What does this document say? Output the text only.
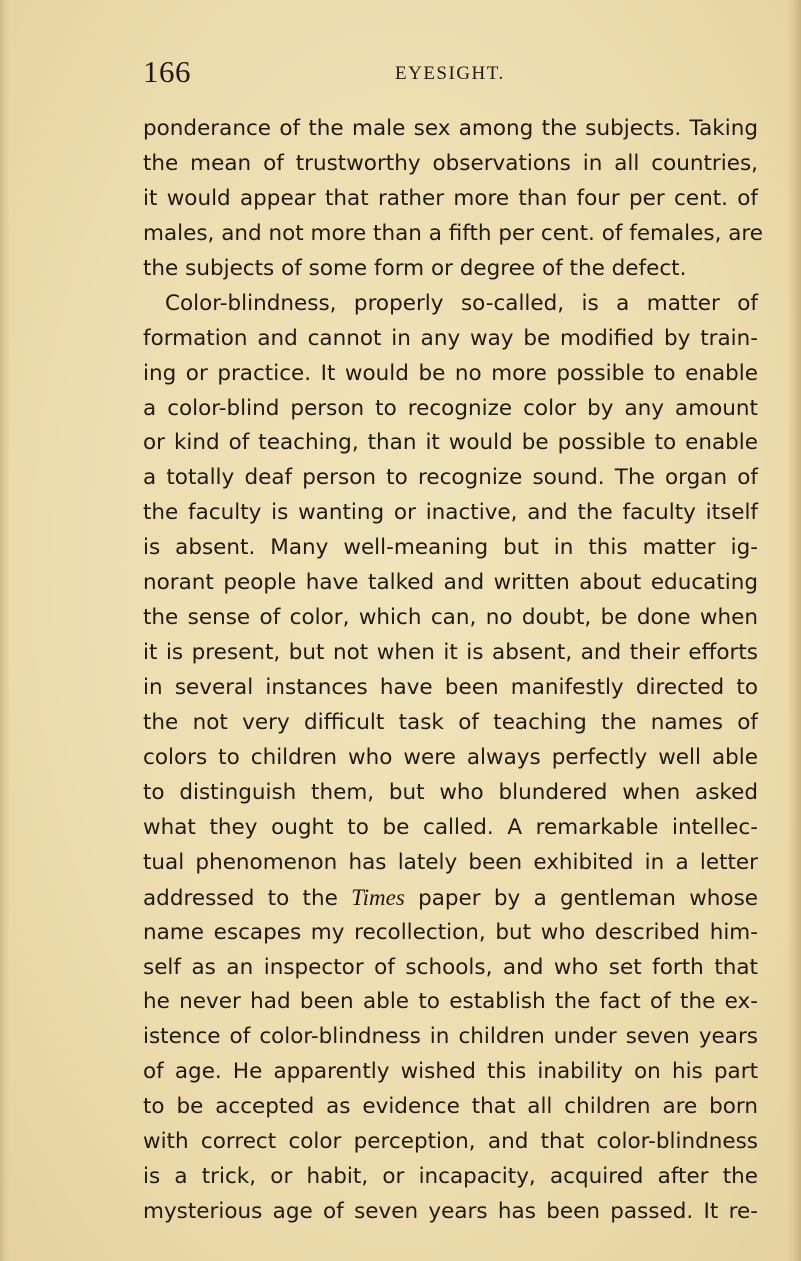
166	EYESIGHT.
ponderance of the male sex among the subjects. Taking
the mean of trustworthy observations in all countries,
it would appear that rather more than four per cent. of
males, and not more than a fifth per cent. of females, are
the subjects of some form or degree of the defect.
Color-blindness, properly so-called, is a matter of
formation and cannot in any way be modified by train-
ing or practice. It would be no more possible to enable
a color-blind person to recognize color by any amount
or kind of teaching, than it would be possible to enable
a totally deaf person to recognize sound. The organ of
the faculty is wanting or inactive, and the faculty itself
is absent. Many well-meaning but in this matter ig-
norant people have talked and written about educating
the sense of color, which can, no doubt, be done when
it is present, but not when it is absent, and their efforts
in several instances have been manifestly directed to
the not very difficult task of teaching the names of
colors to children who were always perfectly well able
to distinguish them, but who blundered when asked
what they ought to be called. A remarkable intellec-
tual phenomenon has lately been exhibited in a letter
addressed to the Times paper by a gentleman whose
name escapes my recollection, but who described him-
self as an inspector of schools, and who set forth that
he never had been able to establish the fact of the ex-
istence of color-blindness in children under seven years
of age. He apparently wished this inability on his part
to be accepted as evidence that all children are born
with correct color perception, and that color-blindness
is a trick, or habit, or incapacity, acquired after the
mysterious age of seven years has been passed. It re-
